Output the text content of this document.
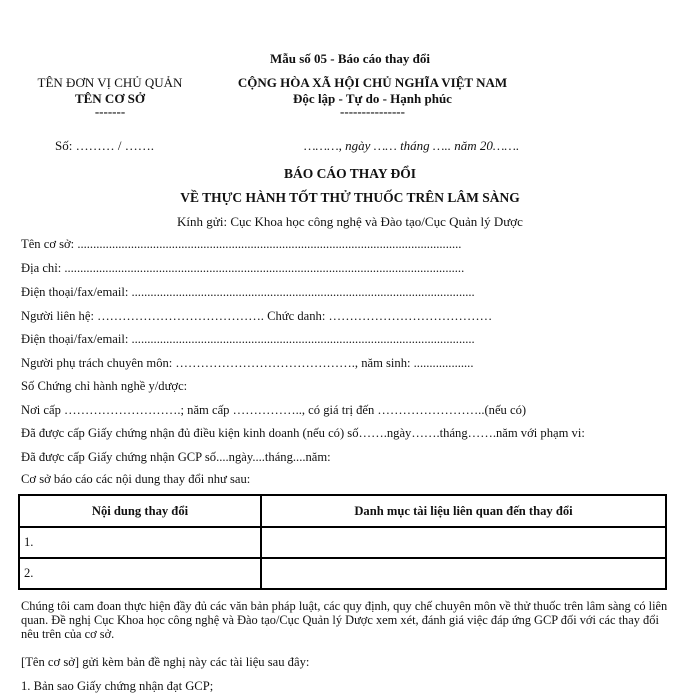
Mẫu số 05 - Báo cáo thay đổi
TÊN ĐƠN VỊ CHỦ QUẢN
TÊN CƠ SỞ
-------
CỘNG HÒA XÃ HỘI CHỦ NGHĨA VIỆT NAM
Độc lập - Tự do - Hạnh phúc
---------------
Số: ……… / …….	………, ngày …… tháng ….. năm 20…….
BÁO CÁO THAY ĐỔI
VỀ THỰC HÀNH TỐT THỬ THUỐC TRÊN LÂM SÀNG
Kính gửi: Cục Khoa học công nghệ và Đào tạo/Cục Quản lý Dược
Tên cơ sở: ..........................................................................................................................
Địa chỉ: ...............................................................................................................................
Điện thoại/fax/email: .............................................................................................................
Người liên hệ: …………………………………. Chức danh: …………………………………
Điện thoại/fax/email: .............................................................................................................
Người phụ trách chuyên môn: ……………………………………., năm sinh: ...................
Số Chứng chỉ hành nghề y/dược:
Nơi cấp ……………………….; năm cấp …………….., có giá trị đến ……………………..(nếu có)
Đã được cấp Giấy chứng nhận đủ điều kiện kinh doanh (nếu có) số…….ngày…….tháng…….năm với phạm vi:
Đã được cấp Giấy chứng nhận GCP số....ngày....tháng....năm:
Cơ sở báo cáo các nội dung thay đổi như sau:
Nội dung thay đổi	Danh mục tài liệu liên quan đến thay đổi
1.	
2.	
Chúng tôi cam đoan thực hiện đầy đủ các văn bản pháp luật, các quy định, quy chế chuyên môn về thử thuốc trên lâm sàng có liên quan. Đề nghị Cục Khoa học công nghệ và Đào tạo/Cục Quản lý Dược xem xét, đánh giá việc đáp ứng GCP đối với các thay đổi nêu trên của cơ sở.
[Tên cơ sở] gửi kèm bản đề nghị này các tài liệu sau đây:
1. Bản sao Giấy chứng nhận đạt GCP;
